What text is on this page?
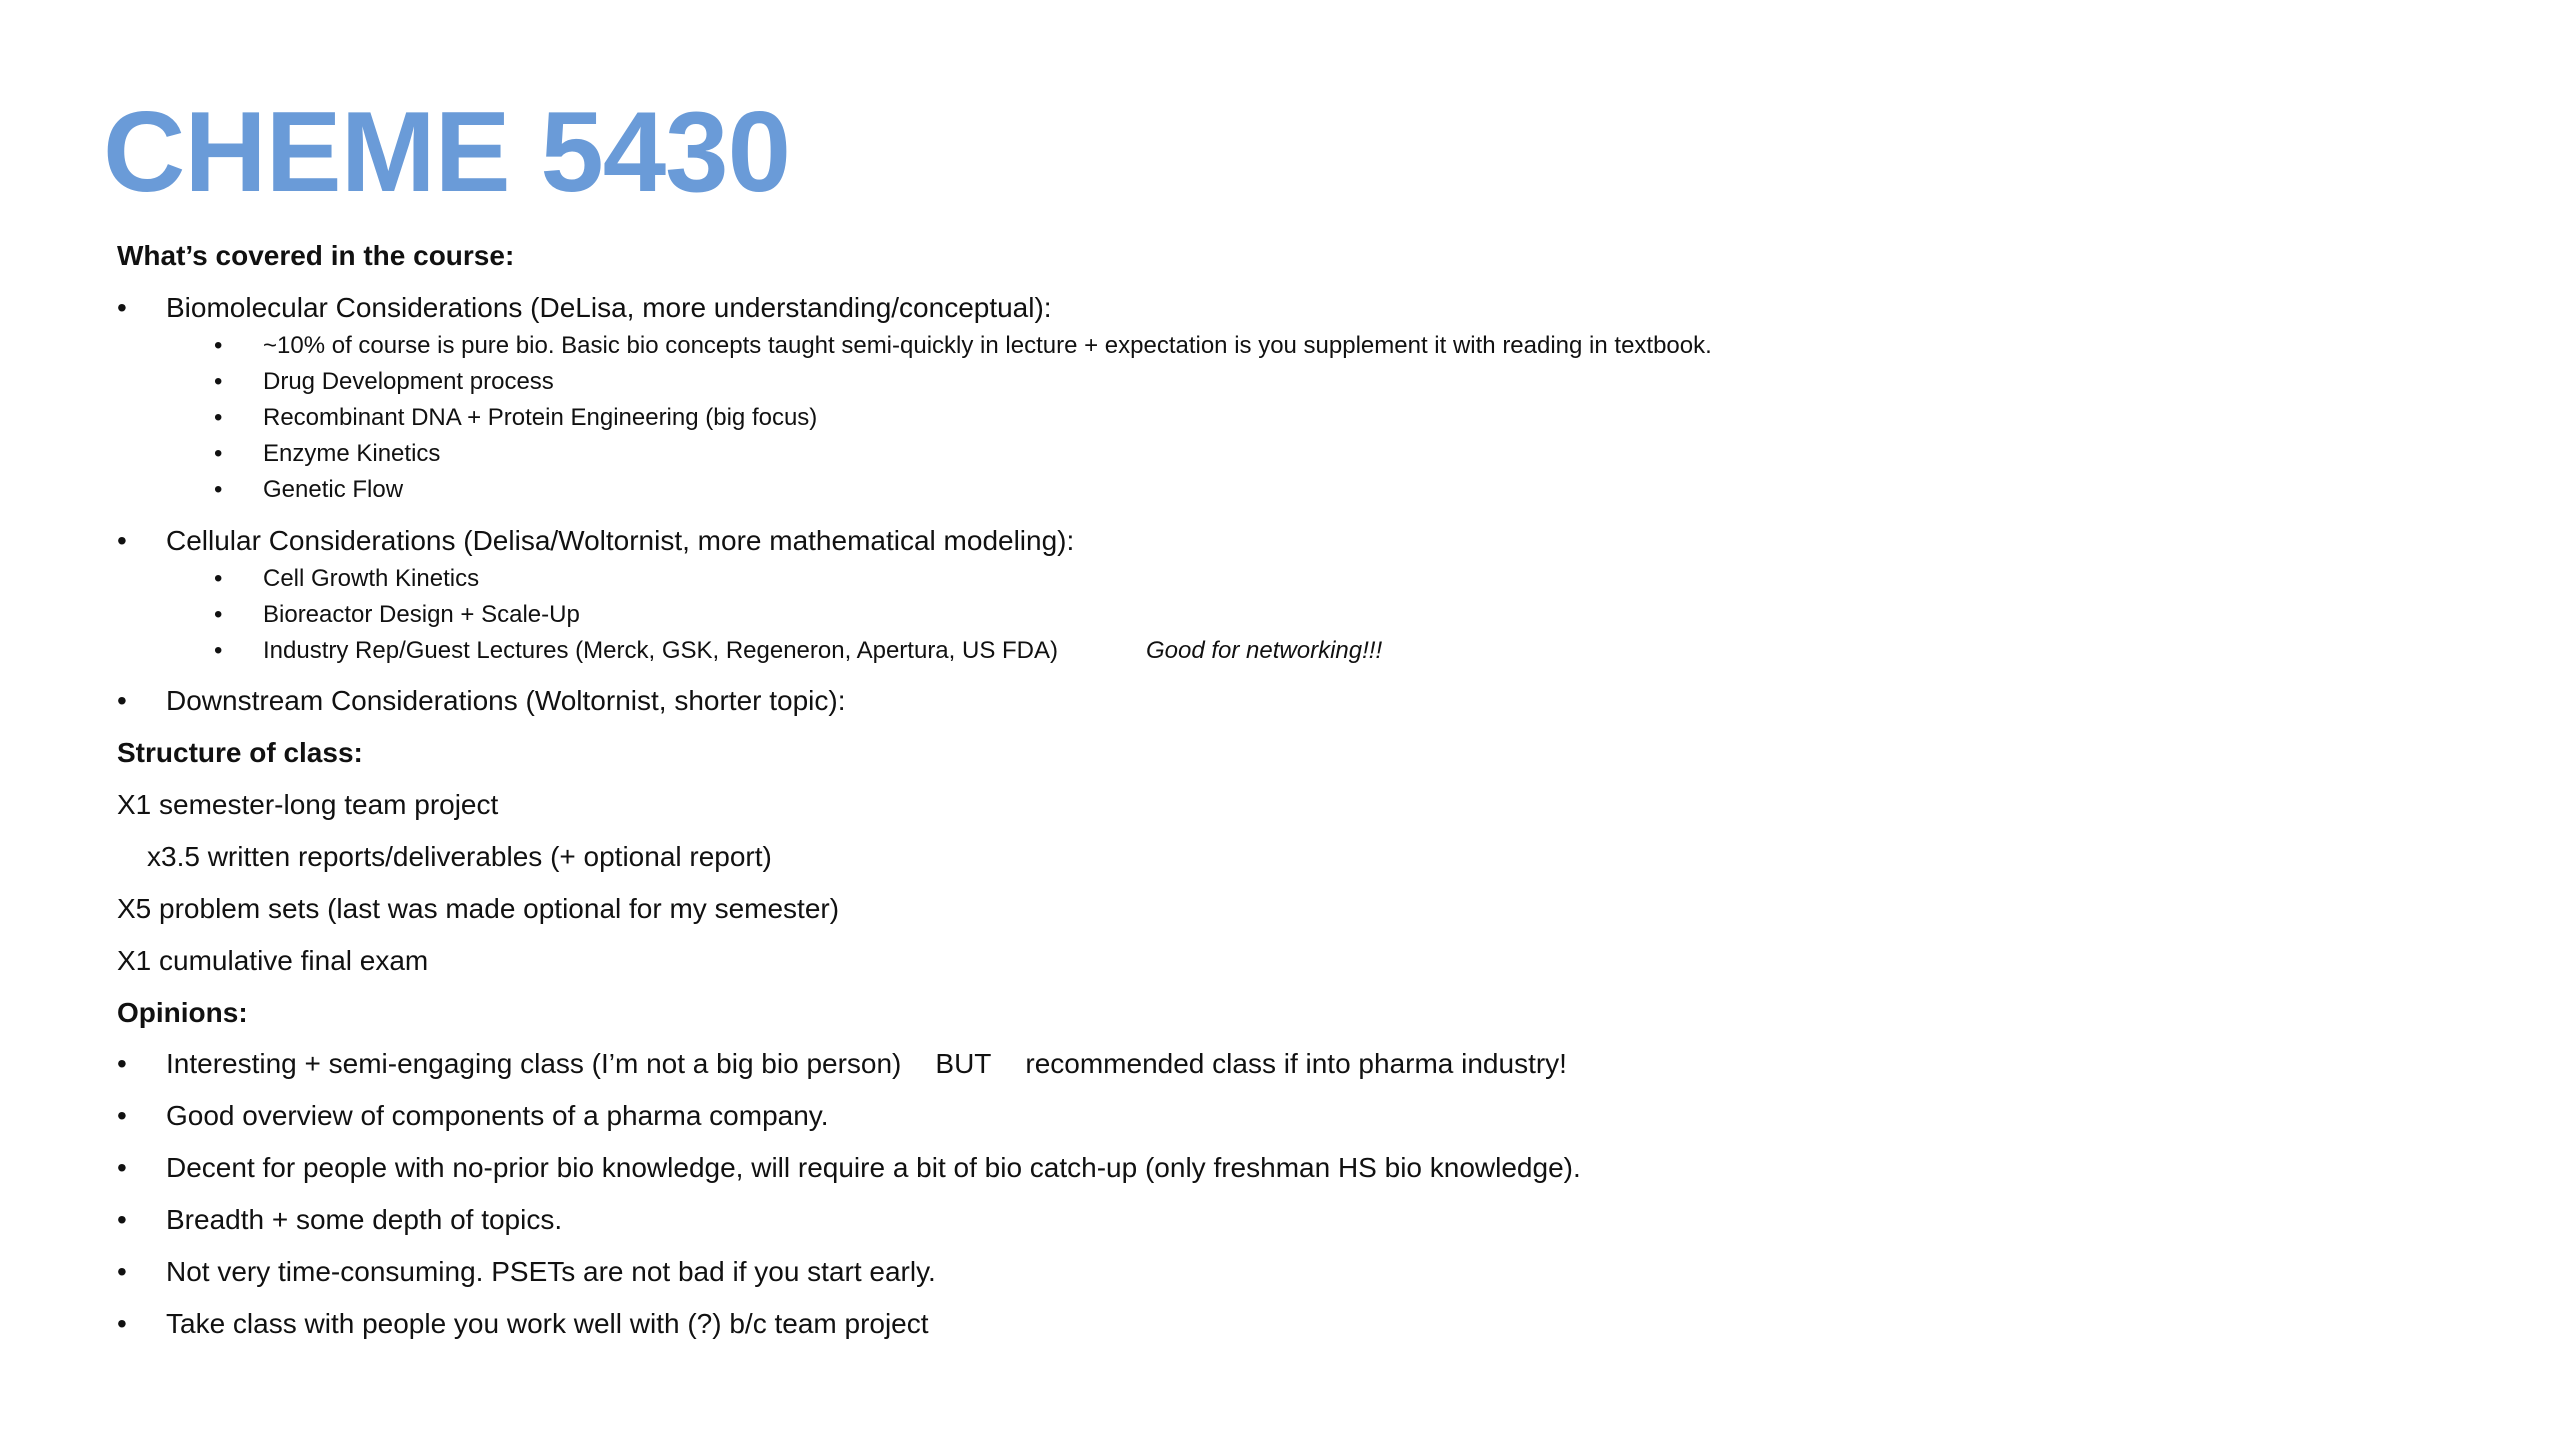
CHEME 5430
What’s covered in the course:
• Biomolecular Considerations (DeLisa, more understanding/conceptual):
• ~10% of course is pure bio. Basic bio concepts taught semi-quickly in lecture + expectation is you supplement it with reading in textbook.
• Drug Development process
• Recombinant DNA + Protein Engineering (big focus)
• Enzyme Kinetics
• Genetic Flow
• Cellular Considerations (Delisa/Woltornist, more mathematical modeling):
• Cell Growth Kinetics
• Bioreactor Design + Scale-Up
• Industry Rep/Guest Lectures (Merck, GSK, Regeneron, Apertura, US FDA)	Good for networking!!!
• Downstream Considerations (Woltornist, shorter topic):
Structure of class:
X1 semester-long team project
x3.5 written reports/deliverables (+ optional report)
X5 problem sets (last was made optional for my semester)
X1 cumulative final exam
Opinions:
• Interesting + semi-engaging class (I’m not a big bio person) BUT recommended class if into pharma industry!
• Good overview of components of a pharma company.
• Decent for people with no-prior bio knowledge, will require a bit of bio catch-up (only freshman HS bio knowledge).
• Breadth + some depth of topics.
• Not very time-consuming. PSETs are not bad if you start early.
• Take class with people you work well with (?) b/c team project
